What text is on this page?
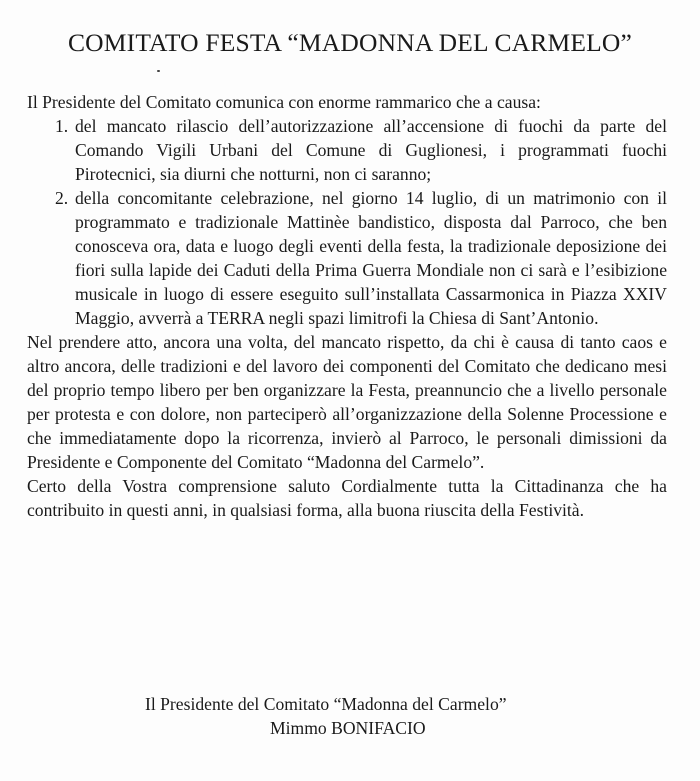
COMITATO FESTA “MADONNA DEL CARMELO”

Il Presidente del Comitato comunica con enorme rammarico che a causa:

1. del mancato rilascio dell’autorizzazione all’accensione di fuochi da parte del Comando Vigili Urbani del Comune di Guglionesi, i programmati fuochi Pirotecnici, sia diurni che notturni, non ci saranno;
2. della concomitante celebrazione, nel giorno 14 luglio, di un matrimonio con il programmato e tradizionale Mattinèe bandistico, disposta dal Parroco, che ben conosceva ora, data e luogo degli eventi della festa, la tradizionale deposizione dei fiori sulla lapide dei Caduti della Prima Guerra Mondiale non ci sarà e l’esibizione musicale in luogo di essere eseguito sull’installata Cassarmonica in Piazza XXIV Maggio, avverrà a TERRA negli spazi limitrofi la Chiesa di Sant’Antonio.

Nel prendere atto, ancora una volta, del mancato rispetto, da chi è causa di tanto caos e altro ancora, delle tradizioni e del lavoro dei componenti del Comitato che dedicano mesi del proprio tempo libero per ben organizzare la Festa, preannuncio che a livello personale per protesta e con dolore, non parteciperò all’organizzazione della Solenne Processione e che immediatamente dopo la ricorrenza, invierò al Parroco, le personali dimissioni da Presidente e Componente del Comitato “Madonna del Carmelo”.

Certo della Vostra comprensione saluto Cordialmente tutta la Cittadinanza che ha contribuito in questi anni, in qualsiasi forma, alla buona riuscita della Festività.

Il Presidente del Comitato “Madonna del Carmelo”
Mimmo BONIFACIO
